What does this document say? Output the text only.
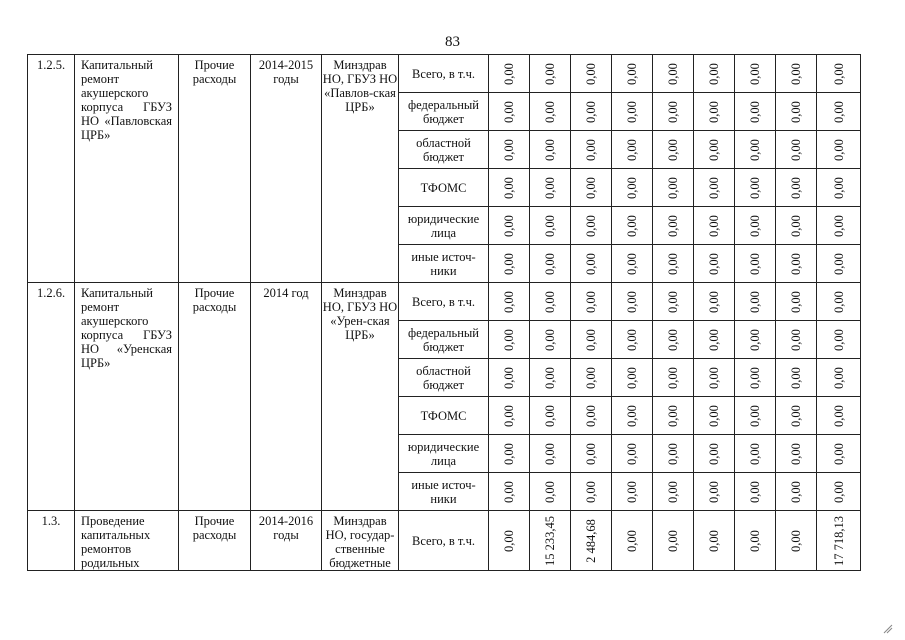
83
1.2.5.	Капитальный ремонт акушерского корпуса ГБУЗ НО «Павловская ЦРБ»	Прочие расходы	2014-2015 годы	Минздрав НО, ГБУЗ НО «Павлов-ская ЦРБ»	Всего, в т.ч.	0,00	0,00	0,00	0,00	0,00	0,00	0,00	0,00	0,00

					федеральный бюджет	0,00	0,00	0,00	0,00	0,00	0,00	0,00	0,00	0,00

					областной бюджет	0,00	0,00	0,00	0,00	0,00	0,00	0,00	0,00	0,00

					ТФОМС	0,00	0,00	0,00	0,00	0,00	0,00	0,00	0,00	0,00

					юридические лица	0,00	0,00	0,00	0,00	0,00	0,00	0,00	0,00	0,00

					иные источ-ники	0,00	0,00	0,00	0,00	0,00	0,00	0,00	0,00	0,00

1.2.6.	Капитальный ремонт акушерского корпуса ГБУЗ НО «Уренская ЦРБ»	Прочие расходы	2014 год	Минздрав НО, ГБУЗ НО «Урен-ская ЦРБ»	Всего, в т.ч.	0,00	0,00	0,00	0,00	0,00	0,00	0,00	0,00	0,00

					федеральный бюджет	0,00	0,00	0,00	0,00	0,00	0,00	0,00	0,00	0,00

					областной бюджет	0,00	0,00	0,00	0,00	0,00	0,00	0,00	0,00	0,00

					ТФОМС	0,00	0,00	0,00	0,00	0,00	0,00	0,00	0,00	0,00

					юридические лица	0,00	0,00	0,00	0,00	0,00	0,00	0,00	0,00	0,00

					иные источ-ники	0,00	0,00	0,00	0,00	0,00	0,00	0,00	0,00	0,00

1.3.	Проведение капитальных ремонтов родильных	Прочие расходы	2014-2016 годы	Минздрав НО, государ-ственные бюджетные	Всего, в т.ч.	0,00	15 233,45	2 484,68	0,00	0,00	0,00	0,00	0,00	17 718,13
